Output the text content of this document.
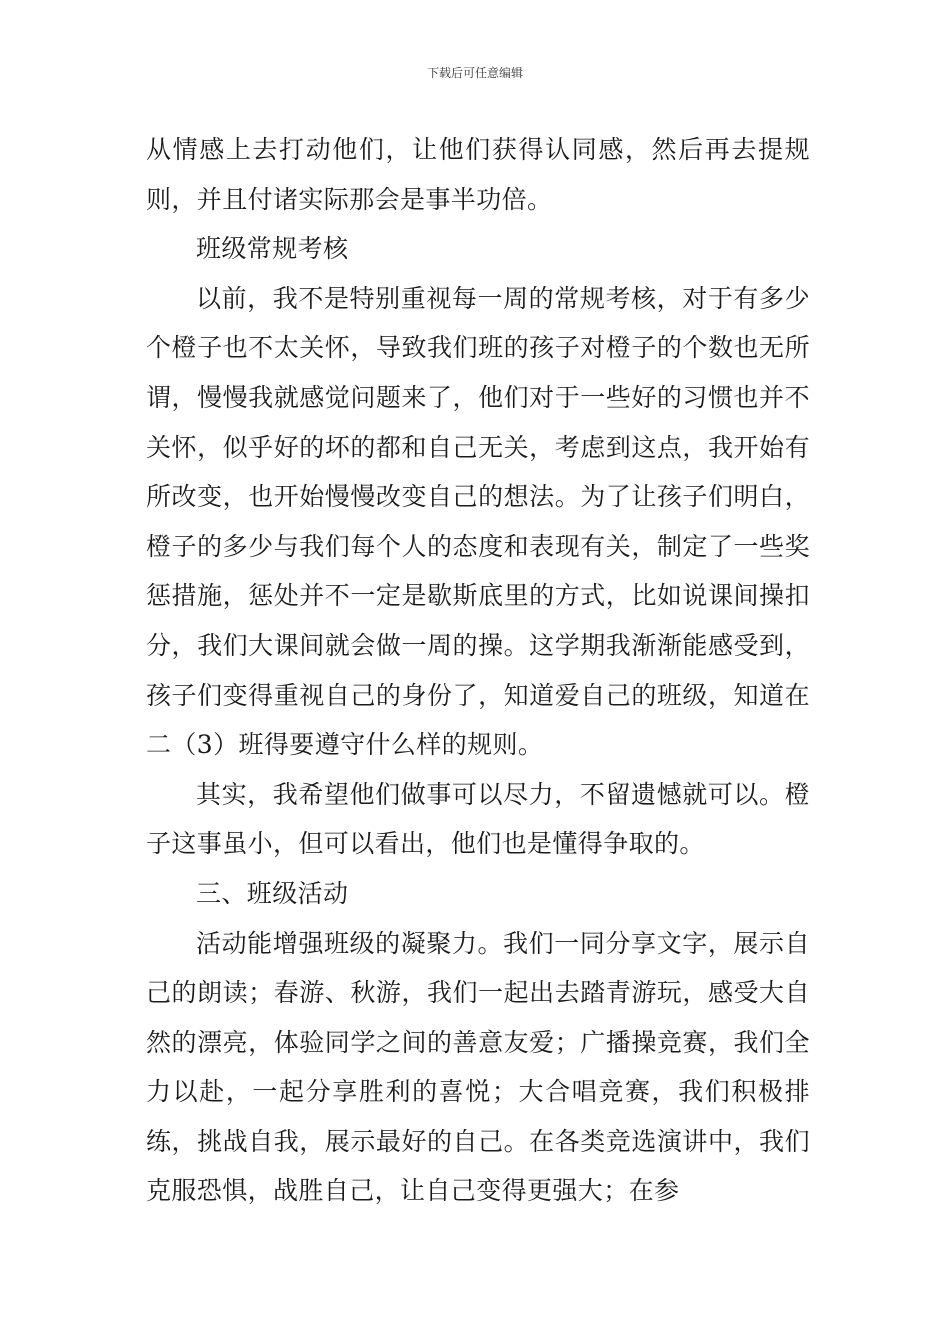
下载后可任意编辑

从情感上去打动他们，让他们获得认同感，然后再去提规则，并且付诸实际那会是事半功倍。

班级常规考核

以前，我不是特别重视每一周的常规考核，对于有多少个橙子也不太关怀，导致我们班的孩子对橙子的个数也无所谓，慢慢我就感觉问题来了，他们对于一些好的习惯也并不关怀，似乎好的坏的都和自己无关，考虑到这点，我开始有所改变，也开始慢慢改变自己的想法。为了让孩子们明白，橙子的多少与我们每个人的态度和表现有关，制定了一些奖惩措施，惩处并不一定是歇斯底里的方式，比如说课间操扣分，我们大课间就会做一周的操。这学期我渐渐能感受到，孩子们变得重视自己的身份了，知道爱自己的班级，知道在二（3）班得要遵守什么样的规则。

其实，我希望他们做事可以尽力，不留遗憾就可以。橙子这事虽小，但可以看出，他们也是懂得争取的。

三、班级活动

活动能增强班级的凝聚力。我们一同分享文字，展示自己的朗读；春游、秋游，我们一起出去踏青游玩，感受大自然的漂亮，体验同学之间的善意友爱；广播操竞赛，我们全力以赴，一起分享胜利的喜悦；大合唱竞赛，我们积极排练，挑战自我，展示最好的自己。在各类竞选演讲中，我们克服恐惧，战胜自己，让自己变得更强大；在参
